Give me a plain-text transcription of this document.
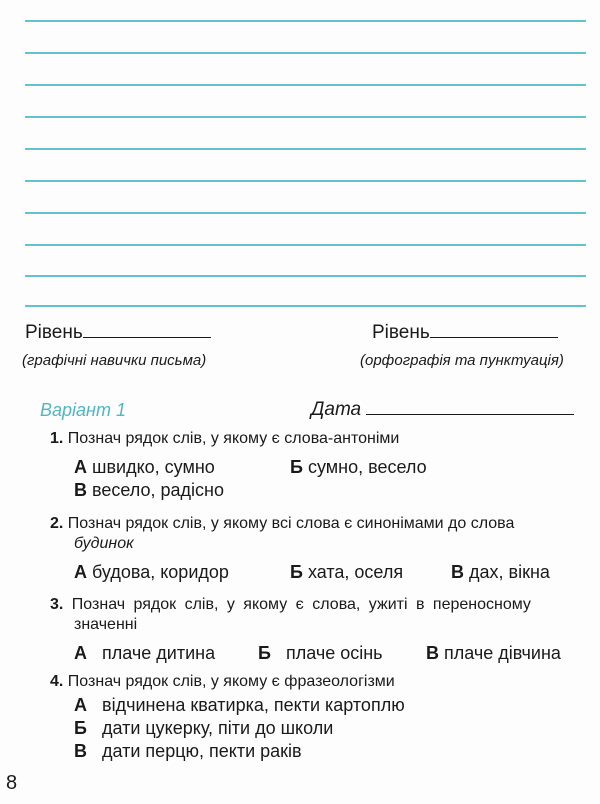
Рівень
(графічні навички письма)
Рівень
(орфографія та пунктуація)
Варіант 1	Дата
1. Познач рядок слів, у якому є слова-антоніми
А швидко, сумно	Б сумно, весело
В весело, радісно
2. Познач рядок слів, у якому всі слова є синонімами до слова
будинок
А будова, коридор	Б хата, оселя	В дах, вікна
3. Познач рядок слів, у якому є слова, ужиті в переносному
значенні
А плаче дитина Б плаче осінь В плаче дівчина
4. Познач рядок слів, у якому є фразеологізми
А відчинена кватирка, пекти картоплю
Б дати цукерку, піти до школи
В дати перцю, пекти раків
8
